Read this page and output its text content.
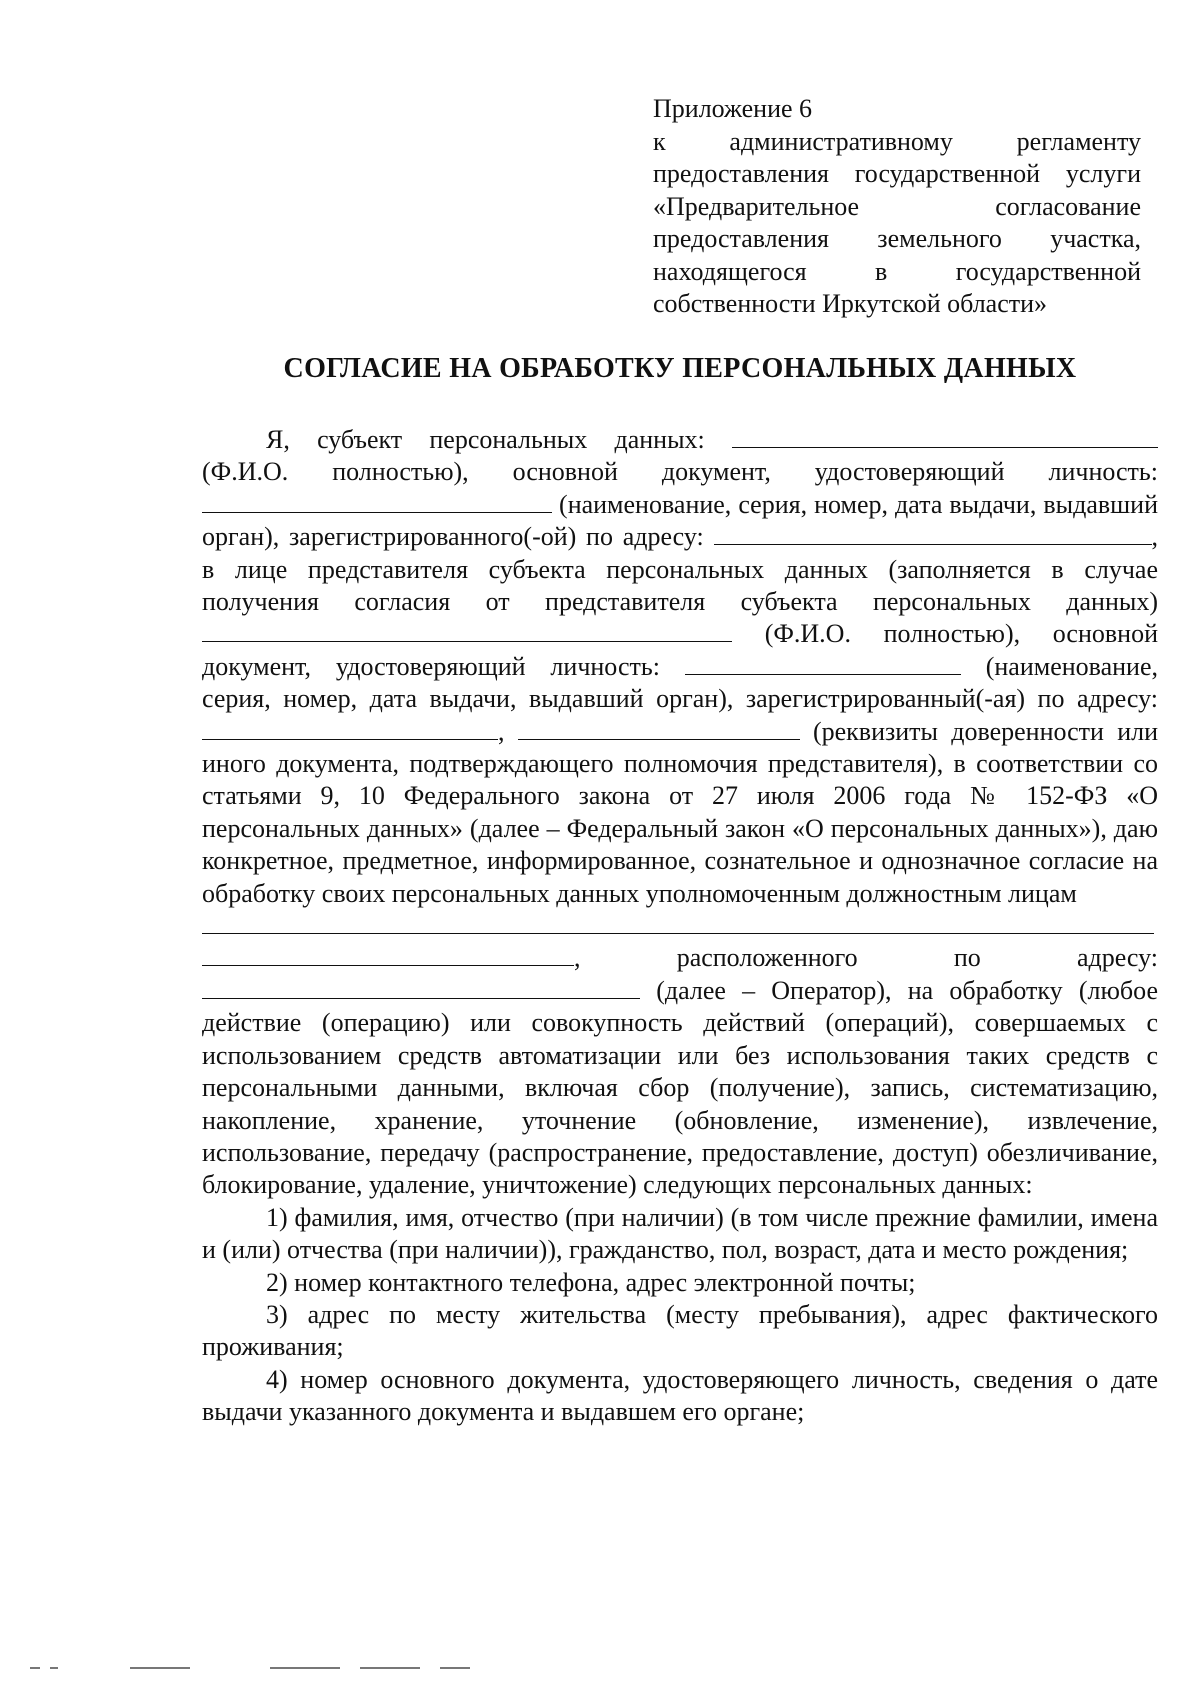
Приложение 6
к административному регламенту предоставления государственной услуги «Предварительное согласование предоставления земельного участка, находящегося в государственной собственности Иркутской области»
СОГЛАСИЕ НА ОБРАБОТКУ ПЕРСОНАЛЬНЫХ ДАННЫХ

Я, субъект персональных данных:  (Ф.И.О. полностью), основной документ, удостоверяющий личность:  (наименование, серия, номер, дата выдачи, выдавший орган), зарегистрированного(-ой) по адресу:	, в лице представителя субъекта персональных данных (заполняется в случае получения согласия от представителя субъекта персональных данных)  (Ф.И.О. полностью), основной документ, удостоверяющий личность:	(наименование, серия, номер, дата выдачи, выдавший орган), зарегистрированный(-ая) по адресу: ,	(реквизиты доверенности или иного документа, подтверждающего полномочия представителя), в соответствии со статьями 9, 10 Федерального закона от 27 июля 2006 года № 152-ФЗ «О персональных данных» (далее – Федеральный закон «О персональных данных»), даю конкретное, предметное, информированное, сознательное и однозначное согласие на обработку своих персональных данных уполномоченным должностным лицам

, расположенного по адресу:  (далее – Оператор), на обработку (любое действие (операцию) или совокупность действий (операций), совершаемых с использованием средств автоматизации или без использования таких средств с персональными данными, включая сбор (получение), запись, систематизацию, накопление, хранение, уточнение (обновление, изменение), извлечение, использование, передачу (распространение, предоставление, доступ) обезличивание, блокирование, удаление, уничтожение) следующих персональных данных:

1) фамилия, имя, отчество (при наличии) (в том числе прежние фамилии, имена и (или) отчества (при наличии)), гражданство, пол, возраст, дата и место рождения;

2) номер контактного телефона, адрес электронной почты;

3) адрес по месту жительства (месту пребывания), адрес фактического проживания;

4) номер основного документа, удостоверяющего личность, сведения о дате выдачи указанного документа и выдавшем его органе;
